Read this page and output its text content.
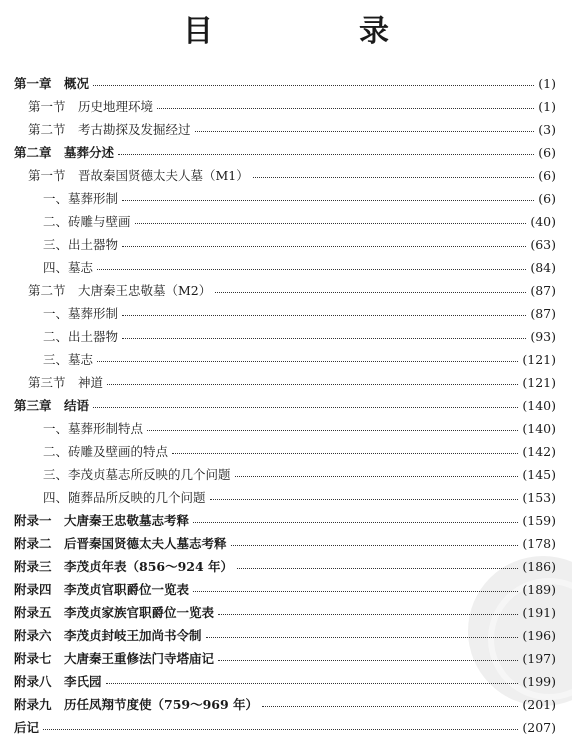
目　录
第一章　概况	(1)
第一节　历史地理环境	(1)
第二节　考古勘探及发掘经过	(3)
第二章　墓葬分述	(6)
第一节　晋故秦国贤德太夫人墓（M1）	(6)
一、墓葬形制	(6)
二、砖雕与壁画	(40)
三、出土器物	(63)
四、墓志	(84)
第二节　大唐秦王忠敬墓（M2）	(87)
一、墓葬形制	(87)
二、出土器物	(93)
三、墓志	(121)
第三节　神道	(121)
第三章　结语	(140)
一、墓葬形制特点	(140)
二、砖雕及壁画的特点	(142)
三、李茂贞墓志所反映的几个问题	(145)
四、随葬品所反映的几个问题	(153)
附录一　大唐秦王忠敬墓志考释	(159)
附录二　后晋秦国贤德太夫人墓志考释	(178)
附录三　李茂贞年表（856～924 年）	(186)
附录四　李茂贞官职爵位一览表	(189)
附录五　李茂贞家族官职爵位一览表	(191)
附录六　李茂贞封岐王加尚书令制	(196)
附录七　大唐秦王重修法门寺塔庙记	(197)
附录八　李氏园	(199)
附录九　历任凤翔节度使（759～969 年）	(201)
后记	(207)
